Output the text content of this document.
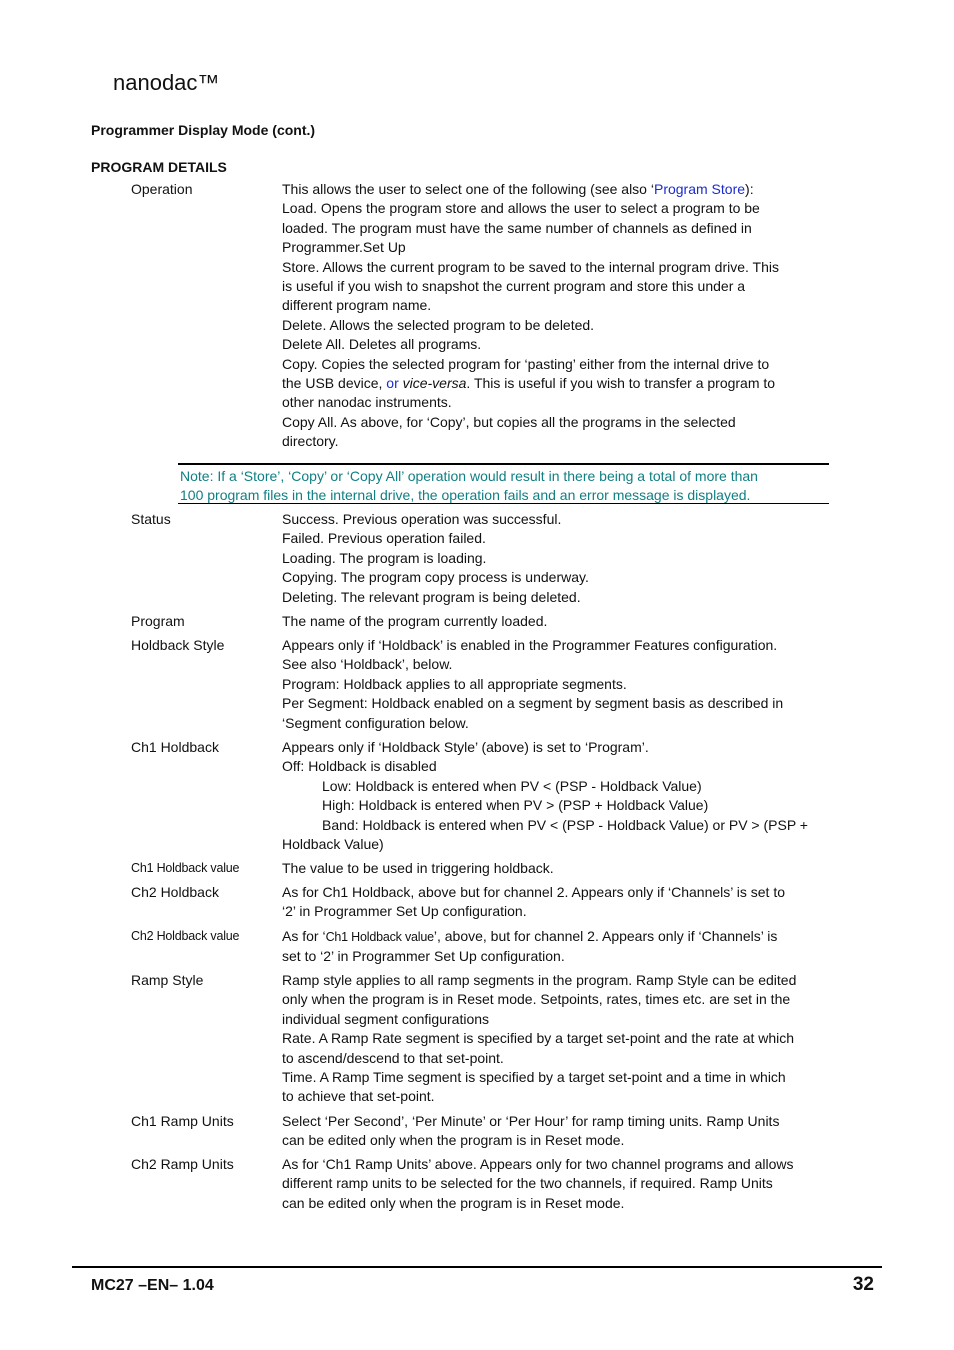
nanodac™
Programmer Display Mode (cont.)
PROGRAM DETAILS
Operation	This allows the user to select one of the following (see also ‘Program Store):
Load. Opens the program store and allows the user to select a program to be
loaded. The program must have the same number of channels as defined in
Programmer.Set Up
Store. Allows the current program to be saved to the internal program drive. This
is useful if you wish to snapshot the current program and store this under a
different program name.
Delete. Allows the selected program to be deleted.
Delete All. Deletes all programs.
Copy. Copies the selected program for ‘pasting’ either from the internal drive to
the USB device, or vice-versa. This is useful if you wish to transfer a program to
other nanodac instruments.
Copy All. As above, for ‘Copy’, but copies all the programs in the selected
directory.
Note: If a ‘Store’, ‘Copy’ or ‘Copy All’ operation would result in there being a total of more than
100 program files in the internal drive, the operation fails and an error message is displayed.
Status	Success. Previous operation was successful.
Failed. Previous operation failed.
Loading. The program is loading.
Copying. The program copy process is underway.
Deleting. The relevant program is being deleted.
Program	The name of the program currently loaded.
Holdback Style	Appears only if ‘Holdback’ is enabled in the Programmer Features configuration.
See also ‘Holdback’, below.
Program: Holdback applies to all appropriate segments.
Per Segment: Holdback enabled on a segment by segment basis as described in
‘Segment configuration below.
Ch1 Holdback	Appears only if ‘Holdback Style’ (above) is set to ‘Program’.
Off: Holdback is disabled
Low: Holdback is entered when PV < (PSP - Holdback Value)
High: Holdback is entered when PV > (PSP + Holdback Value)
Band: Holdback is entered when PV < (PSP - Holdback Value) or PV > (PSP +
Holdback Value)
Ch1 Holdback value	The value to be used in triggering holdback.
Ch2 Holdback	As for Ch1 Holdback, above but for channel 2. Appears only if ‘Channels’ is set to
‘2’ in Programmer Set Up configuration.
Ch2 Holdback value	As for ‘Ch1 Holdback value’, above, but for channel 2. Appears only if ‘Channels’ is
set to ‘2’ in Programmer Set Up configuration.
Ramp Style	Ramp style applies to all ramp segments in the program. Ramp Style can be edited
only when the program is in Reset mode. Setpoints, rates, times etc. are set in the
individual segment configurations
Rate. A Ramp Rate segment is specified by a target set-point and the rate at which
to ascend/descend to that set-point.
Time. A Ramp Time segment is specified by a target set-point and a time in which
to achieve that set-point.
Ch1 Ramp Units	Select ‘Per Second’, ‘Per Minute’ or ‘Per Hour’ for ramp timing units. Ramp Units
can be edited only when the program is in Reset mode.
Ch2 Ramp Units	As for ‘Ch1 Ramp Units’ above. Appears only for two channel programs and allows
different ramp units to be selected for the two channels, if required. Ramp Units
can be edited only when the program is in Reset mode.
MC27 –EN– 1.04	32
